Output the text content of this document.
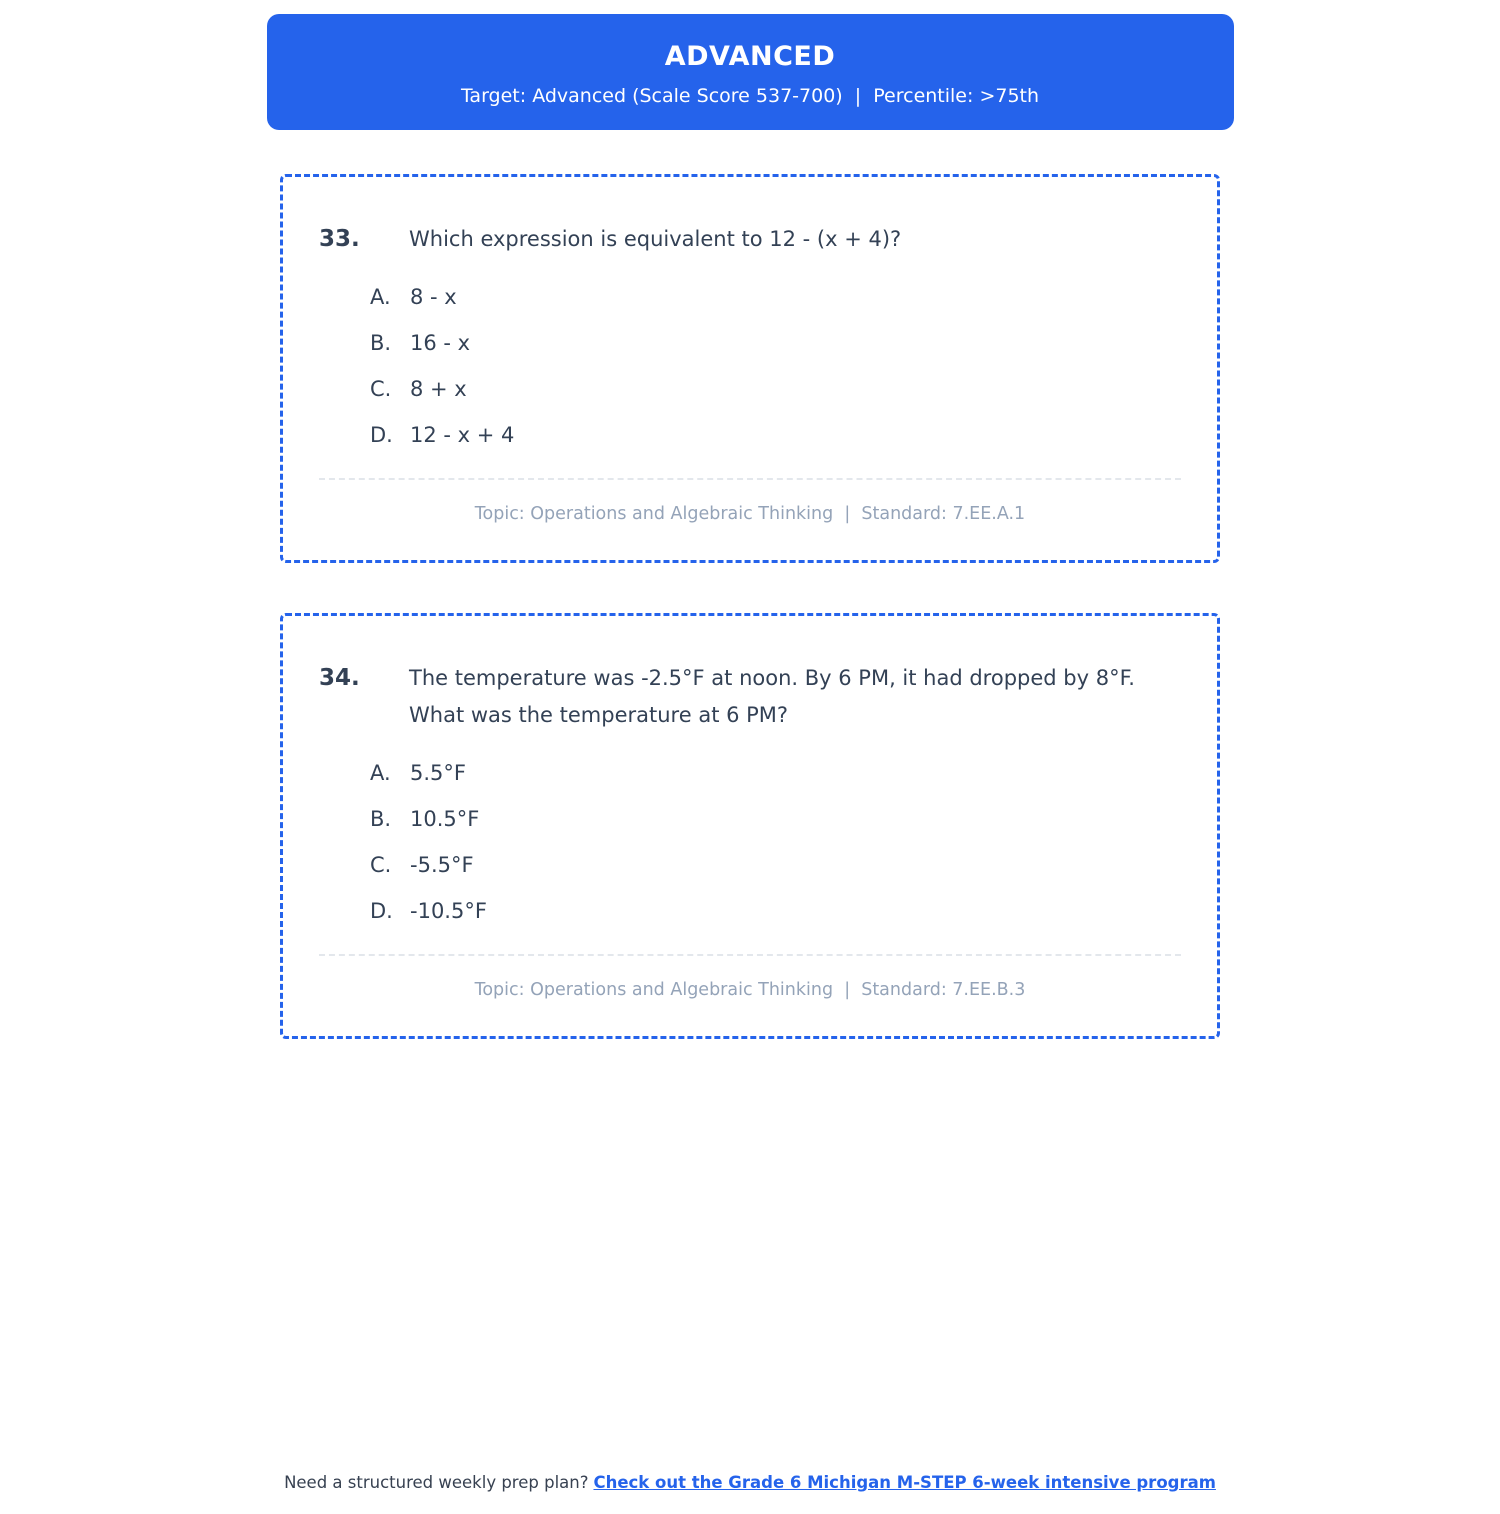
ADVANCED
Target: Advanced (Scale Score 537-700)  |  Percentile: >75th
33.	Which expression is equivalent to 12 - (x + 4)?
A. 8 - x
B. 16 - x
C. 8 + x
D. 12 - x + 4
Topic: Operations and Algebraic Thinking  |  Standard: 7.EE.A.1
34.	The temperature was -2.5°F at noon. By 6 PM, it had dropped by 8°F. What was the temperature at 6 PM?
A. 5.5°F
B. 10.5°F
C. -5.5°F
D. -10.5°F
Topic: Operations and Algebraic Thinking  |  Standard: 7.EE.B.3
Need a structured weekly prep plan? Check out the Grade 6 Michigan M-STEP 6-week intensive program
